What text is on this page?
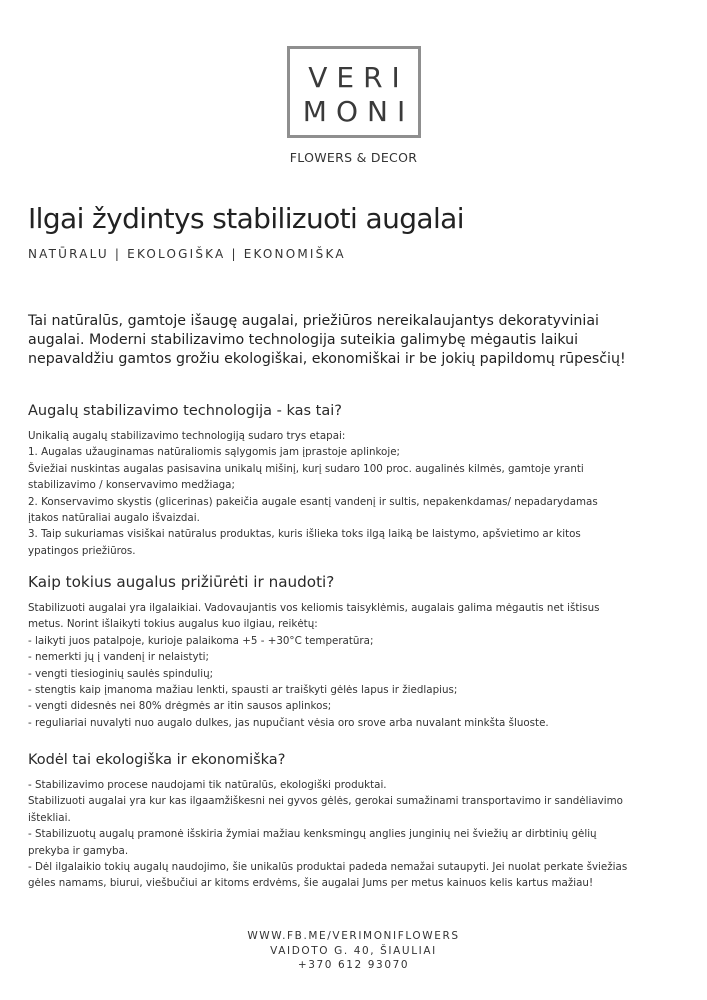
VERI
MONI
FLOWERS & DECOR
Ilgai žydintys stabilizuoti augalai
NATŪRALU | EKOLOGIŠKA | EKONOMIŠKA

Tai natūralūs, gamtoje išaugę augalai, priežiūros nereikalaujantys dekoratyviniai

augalai. Moderni stabilizavimo technologija suteikia galimybę mėgautis laikui

nepavaldžiu gamtos grožiu ekologiškai, ekonomiškai ir be jokių papildomų rūpesčių!

Augalų stabilizavimo technologija - kas tai?
Unikalią augalų stabilizavimo technologiją sudaro trys etapai:
1. Augalas užauginamas natūraliomis sąlygomis jam įprastoje aplinkoje;
Šviežiai nuskintas augalas pasisavina unikalų mišinį, kurį sudaro 100 proc. augalinės kilmės, gamtoje yranti
stabilizavimo / konservavimo medžiaga;
2. Konservavimo skystis (glicerinas) pakeičia augale esantį vandenį ir sultis, nepakenkdamas/ nepadarydamas
įtakos natūraliai augalo išvaizdai.
3. Taip sukuriamas visiškai natūralus produktas, kuris išlieka toks ilgą laiką be laistymo, apšvietimo ar kitos
ypatingos priežiūros.
Kaip tokius augalus prižiūrėti ir naudoti?
Stabilizuoti augalai yra ilgalaikiai. Vadovaujantis vos keliomis taisyklėmis, augalais galima mėgautis net ištisus
metus. Norint išlaikyti tokius augalus kuo ilgiau, reikėtų:
- laikyti juos patalpoje, kurioje palaikoma +5 - +30°C temperatūra;
- nemerkti jų į vandenį ir nelaistyti;
- vengti tiesioginių saulės spindulių;
- stengtis kaip įmanoma mažiau lenkti, spausti ar traiškyti gėlės lapus ir žiedlapius;
- vengti didesnės nei 80% drėgmės ar itin sausos aplinkos;
- reguliariai nuvalyti nuo augalo dulkes, jas nupučiant vėsia oro srove arba nuvalant minkšta šluoste.
Kodėl tai ekologiška ir ekonomiška?
- Stabilizavimo procese naudojami tik natūralūs, ekologiški produktai.
Stabilizuoti augalai yra kur kas ilgaamžiškesni nei gyvos gėlės, gerokai sumažinami transportavimo ir sandėliavimo
ištekliai.
- Stabilizuotų augalų pramonė išskiria žymiai mažiau kenksmingų anglies junginių nei šviežių ar dirbtinių gėlių
prekyba ir gamyba.
- Dėl ilgalaikio tokių augalų naudojimo, šie unikalūs produktai padeda nemažai sutaupyti. Jei nuolat perkate šviežias
gėles namams, biurui, viešbučiui ar kitoms erdvėms, šie augalai Jums per metus kainuos kelis kartus mažiau!
WWW.FB.ME/VERIMONIFLOWERS
VAIDOTO G. 40, ŠIAULIAI
+370 612 93070
